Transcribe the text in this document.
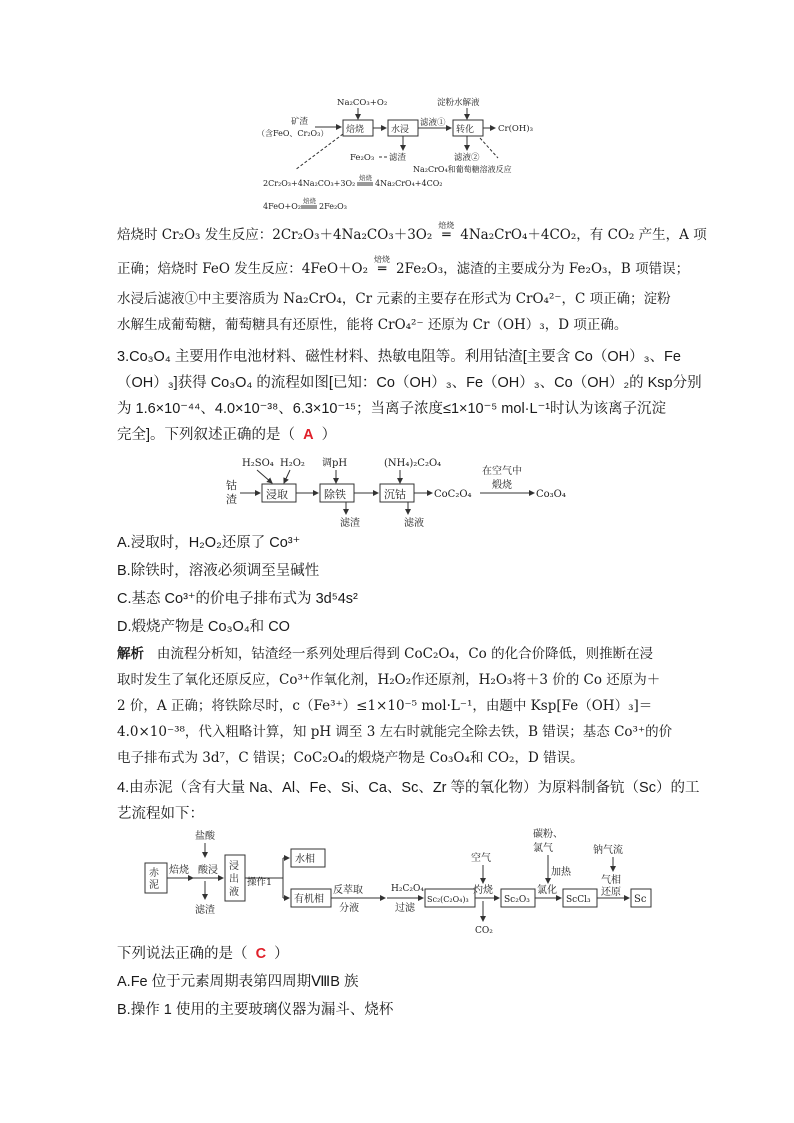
Na₂CO₃+O₂
矿渣
（含FeO、Cr₂O₃） 焙烧	水浸
滤液①
淀粉水解液
转化	Cr(OH)₃
Fe₂O₃ 滤渣	滤液②
Na₂CrO₄和葡萄糖溶液反应
2Cr₂O₃+4Na₂CO₃+3O₂
焙烧
4Na₂CrO₄+4CO₂
4FeO+O₂
焙烧
2Fe₂O₃
焙烧时 Cr₂O₃ 发生反应：2Cr₂O₃＋4Na₂CO₃＋3O₂
焙烧
═ 4Na₂CrO₄＋4CO₂，有 CO₂ 产生，A 项
正确；焙烧时 FeO 发生反应：4FeO＋O₂
焙烧
═ 2Fe₂O₃，滤渣的主要成分为 Fe₂O₃，B 项错误；
水浸后滤液①中主要溶质为 Na₂CrO₄，Cr 元素的主要存在形式为 CrO₄²⁻，C 项正确；淀粉
水解生成葡萄糖，葡萄糖具有还原性，能将 CrO₄²⁻ 还原为 Cr（OH）₃，D 项正确。
3.Co₃O₄ 主要用作电池材料、磁性材料、热敏电阻等。利用钴渣[主要含 Co（OH）₃、Fe
（OH）₃]获得 Co₃O₄ 的流程如图[已知：Co（OH）₃、Fe（OH）₃、Co（OH）₂的 Ksp分别
为 1.6×10⁻⁴⁴、4.0×10⁻³⁸、6.3×10⁻¹⁵；当离子浓度≤1×10⁻⁵ mol·L⁻¹时认为该离子沉淀
完全]。下列叙述正确的是（ A ）
钴
渣	浸取
H₂SO₄ H₂O₂ 调pH
除铁
滤渣
(NH₄)₂C₂O₄
沉钴
滤液
CoC₂O₄
在空气中
煅烧
Co₃O₄
A.浸取时，H₂O₂还原了 Co³⁺
B.除铁时，溶液必须调至呈碱性
C.基态 Co³⁺的价电子排布式为 3d⁵4s²
D.煅烧产物是 Co₃O₄和 CO
解析 由流程分析知，钴渣经一系列处理后得到 CoC₂O₄，Co 的化合价降低，则推断在浸
取时发生了氧化还原反应，Co³⁺作氧化剂，H₂O₂作还原剂，H₂O₃将＋3 价的 Co 还原为＋
2 价，A 正确；将铁除尽时，c（Fe³⁺）≤1×10⁻⁵ mol·L⁻¹，由题中 Ksp[Fe（OH）₃]＝
4.0×10⁻³⁸，代入粗略计算，知 pH 调至 3 左右时就能完全除去铁，B 错误；基态 Co³⁺的价
电子排布式为 3d⁷，C 错误；CoC₂O₄的煅烧产物是 Co₃O₄和 CO₂，D 错误。
4.由赤泥（含有大量 Na、Al、Fe、Si、Ca、Sc、Zr 等的氧化物）为原料制备钪（Sc）的工
艺流程如下：
赤
泥
焙烧
盐酸
酸浸
滤渣
浸
出
液
操作1
水相
有机相
反萃取
分液
H₂C₂O₄
过滤
Sc₂(C₂O₄)₃
空气
灼烧
CO₂
Sc₂O₃
碳粉、
氯气
加热
氯化
ScCl₃
钠气流
气相
还原
Sc
下列说法正确的是（ C ）
A.Fe 位于元素周期表第四周期ⅧB 族
B.操作 1 使用的主要玻璃仪器为漏斗、烧杯
